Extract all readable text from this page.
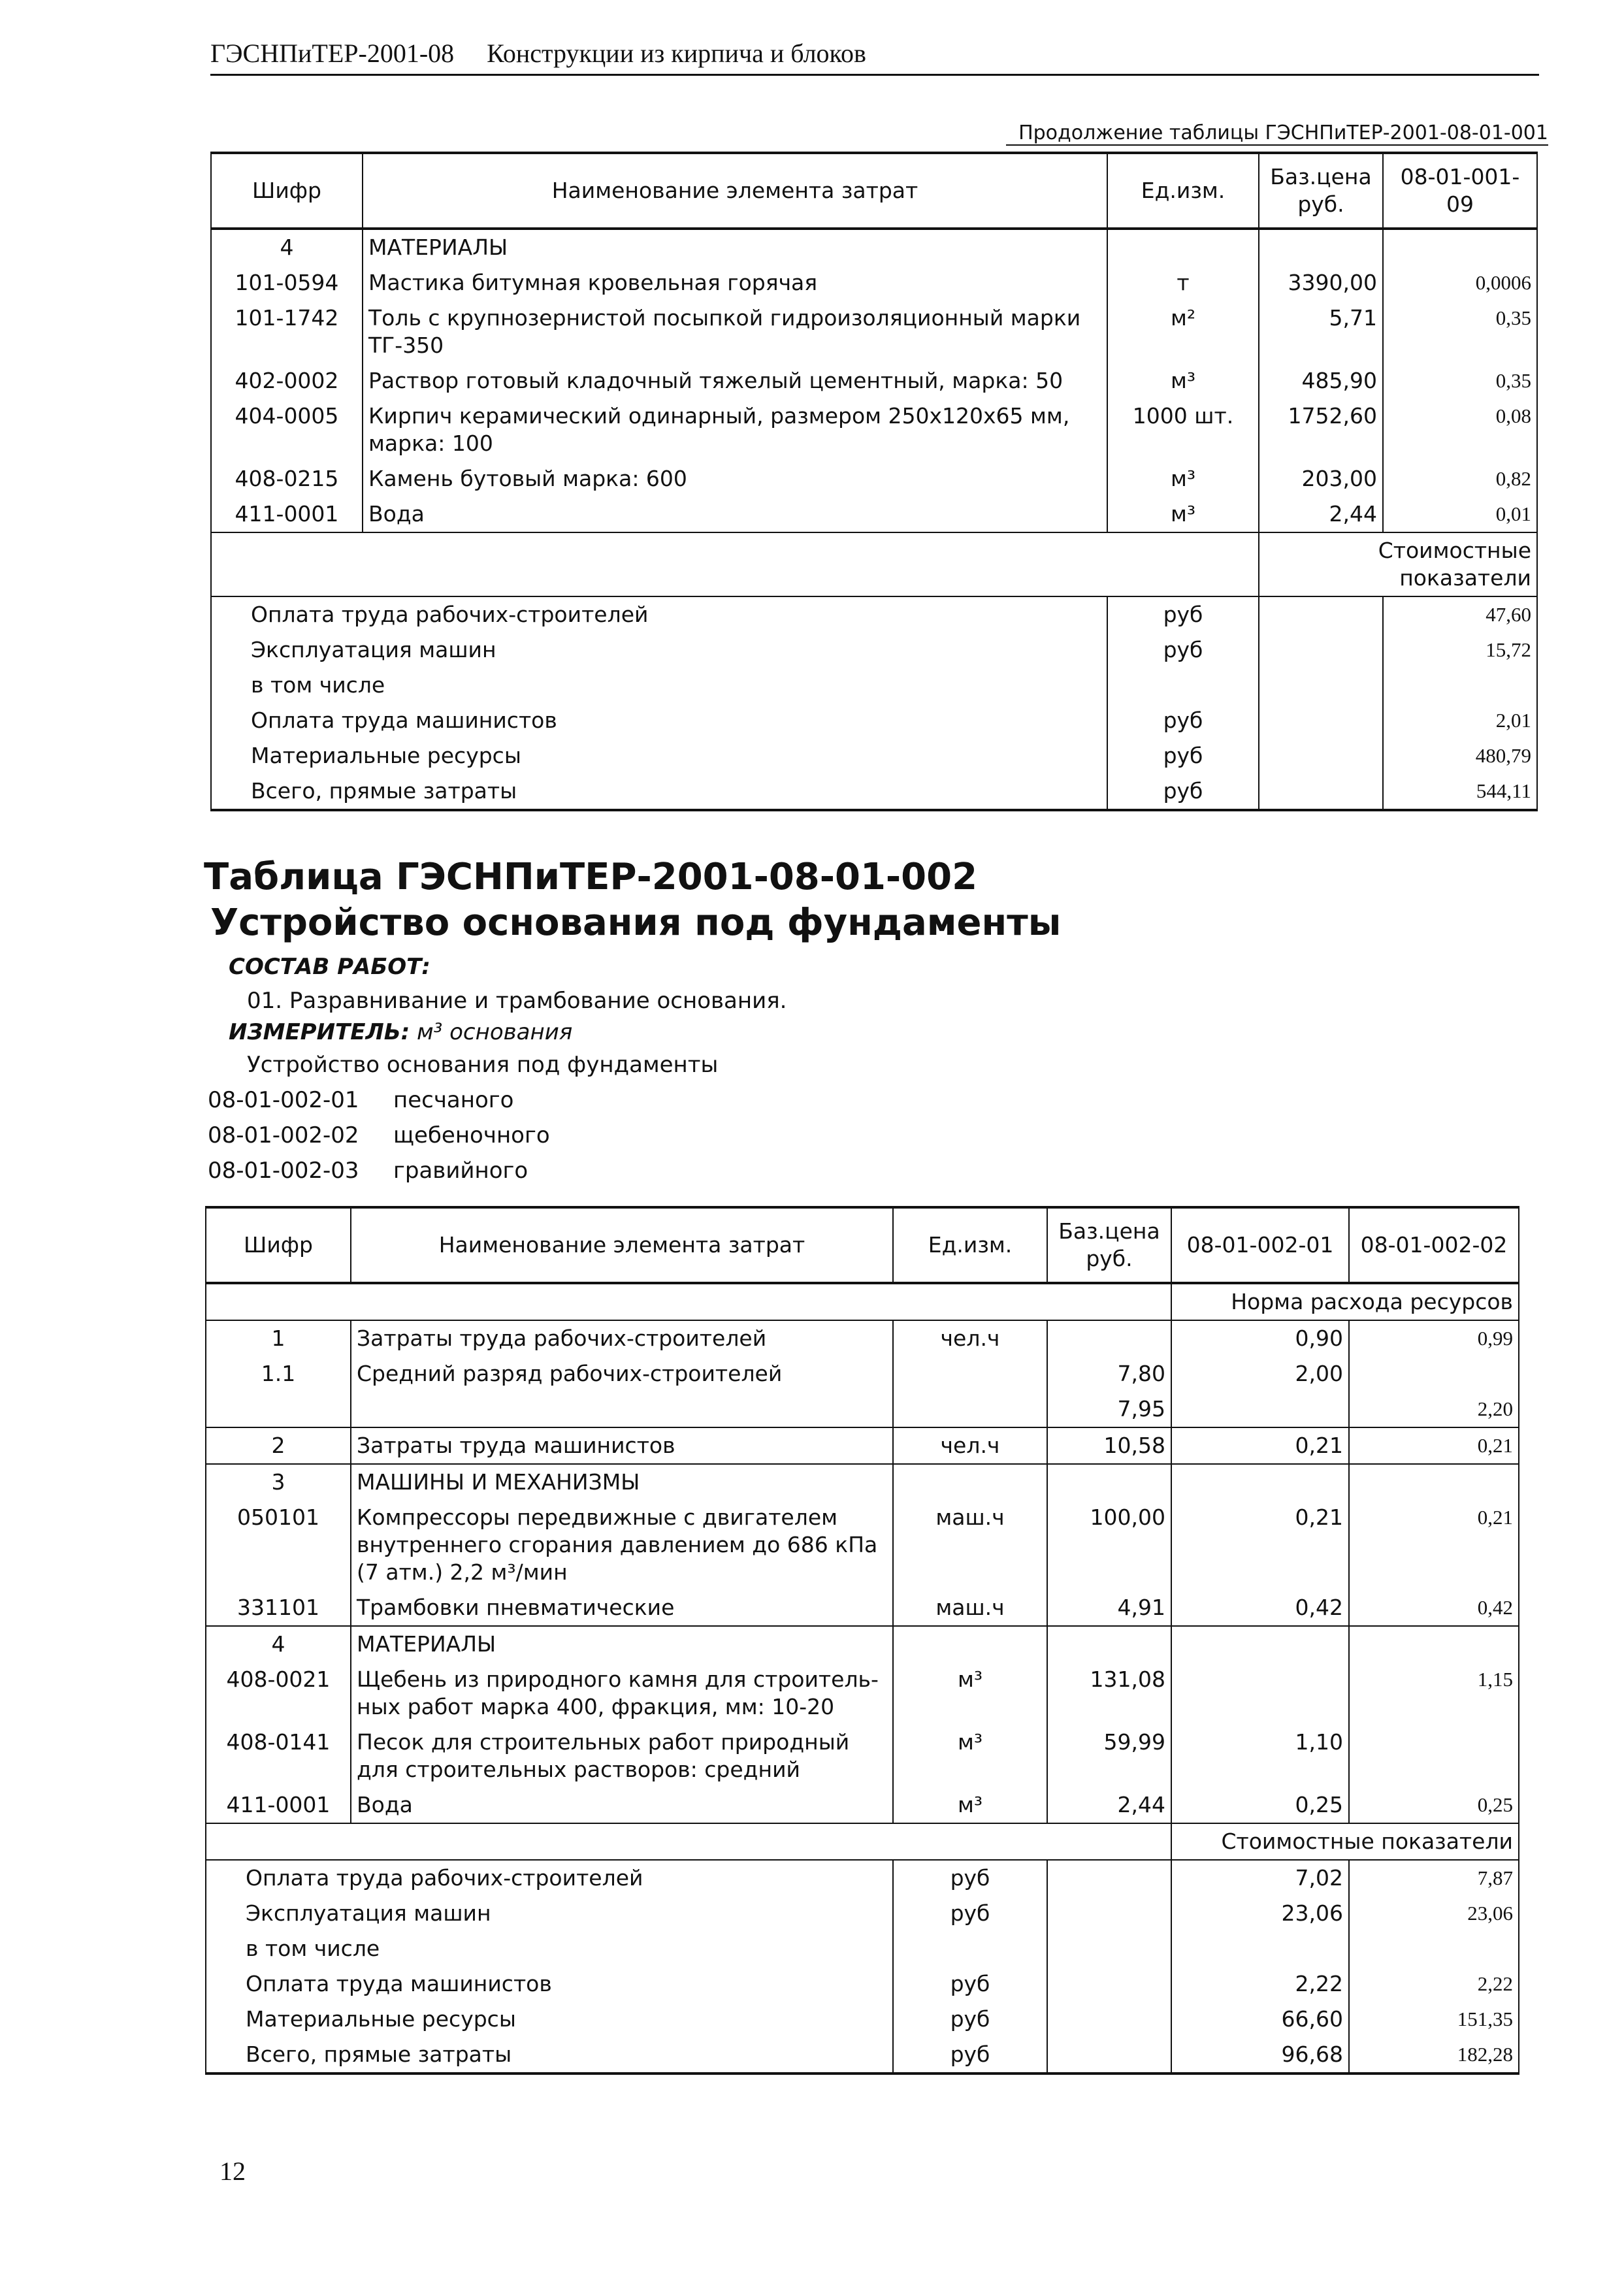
ГЭСНПиТЕР-2001-08 Конструкции из кирпича и блоков
Продолжение таблицы ГЭСНПиТЕР-2001-08-01-001
Шифр	Наименование элемента затрат	Ед.изм.	Баз.цена руб.	08-01-001-09
4	МАТЕРИАЛЫ			
101-0594	Мастика битумная кровельная горячая	т	3390,00	0,0006
101-1742	Толь с крупнозернистой посыпкой гидроизоляционный марки ТГ-350	м²	5,71	0,35
402-0002	Раствор готовый кладочный тяжелый цементный, марка: 50	м³	485,90	0,35
404-0005	Кирпич керамический одинарный, размером 250х120х65 мм, марка: 100	1000 шт.	1752,60	0,08
408-0215	Камень бутовый марка: 600	м³	203,00	0,82
411-0001	Вода	м³	2,44	0,01
			Стоимостные показатели	
Оплата труда рабочих-строителей		руб		47,60
Эксплуатация машин		руб		15,72
в том числе				
Оплата труда машинистов		руб		2,01
Материальные ресурсы		руб		480,79
Всего, прямые затраты		руб		544,11
Таблица ГЭСНПиТЕР-2001-08-01-002
Устройство основания под фундаменты
СОСТАВ РАБОТ:
01. Разравнивание и трамбование основания.
ИЗМЕРИТЕЛЬ: м³ основания
Устройство основания под фундаменты
08-01-002-01 песчаного
08-01-002-02 щебеночного
08-01-002-03 гравийного
Шифр	Наименование элемента затрат	Ед.изм.	Баз.цена руб.	08-01-002-01	08-01-002-02
				Норма расхода ресурсов	
1	Затраты труда рабочих-строителей	чел.ч		0,90	0,99
1.1	Средний разряд рабочих-строителей		7,80	2,00	
			7,95		2,20
2	Затраты труда машинистов	чел.ч	10,58	0,21	0,21
3	МАШИНЫ И МЕХАНИЗМЫ				
050101	Компрессоры передвижные с двигателем внутреннего сгорания давлением до 686 кПа (7 атм.) 2,2 м³/мин	маш.ч	100,00	0,21	0,21
331101	Трамбовки пневматические	маш.ч	4,91	0,42	0,42
4	МАТЕРИАЛЫ				
408-0021	Щебень из природного камня для строитель-ных работ марка 400, фракция, мм: 10-20	м³	131,08		1,15
408-0141	Песок для строительных работ природный для строительных растворов: средний	м³	59,99	1,10	
411-0001	Вода	м³	2,44	0,25	0,25
				Стоимостные показатели	
Оплата труда рабочих-строителей		руб		7,02	7,87
Эксплуатация машин		руб		23,06	23,06
в том числе					
Оплата труда машинистов		руб		2,22	2,22
Материальные ресурсы		руб		66,60	151,35
Всего, прямые затраты		руб		96,68	182,28
12
